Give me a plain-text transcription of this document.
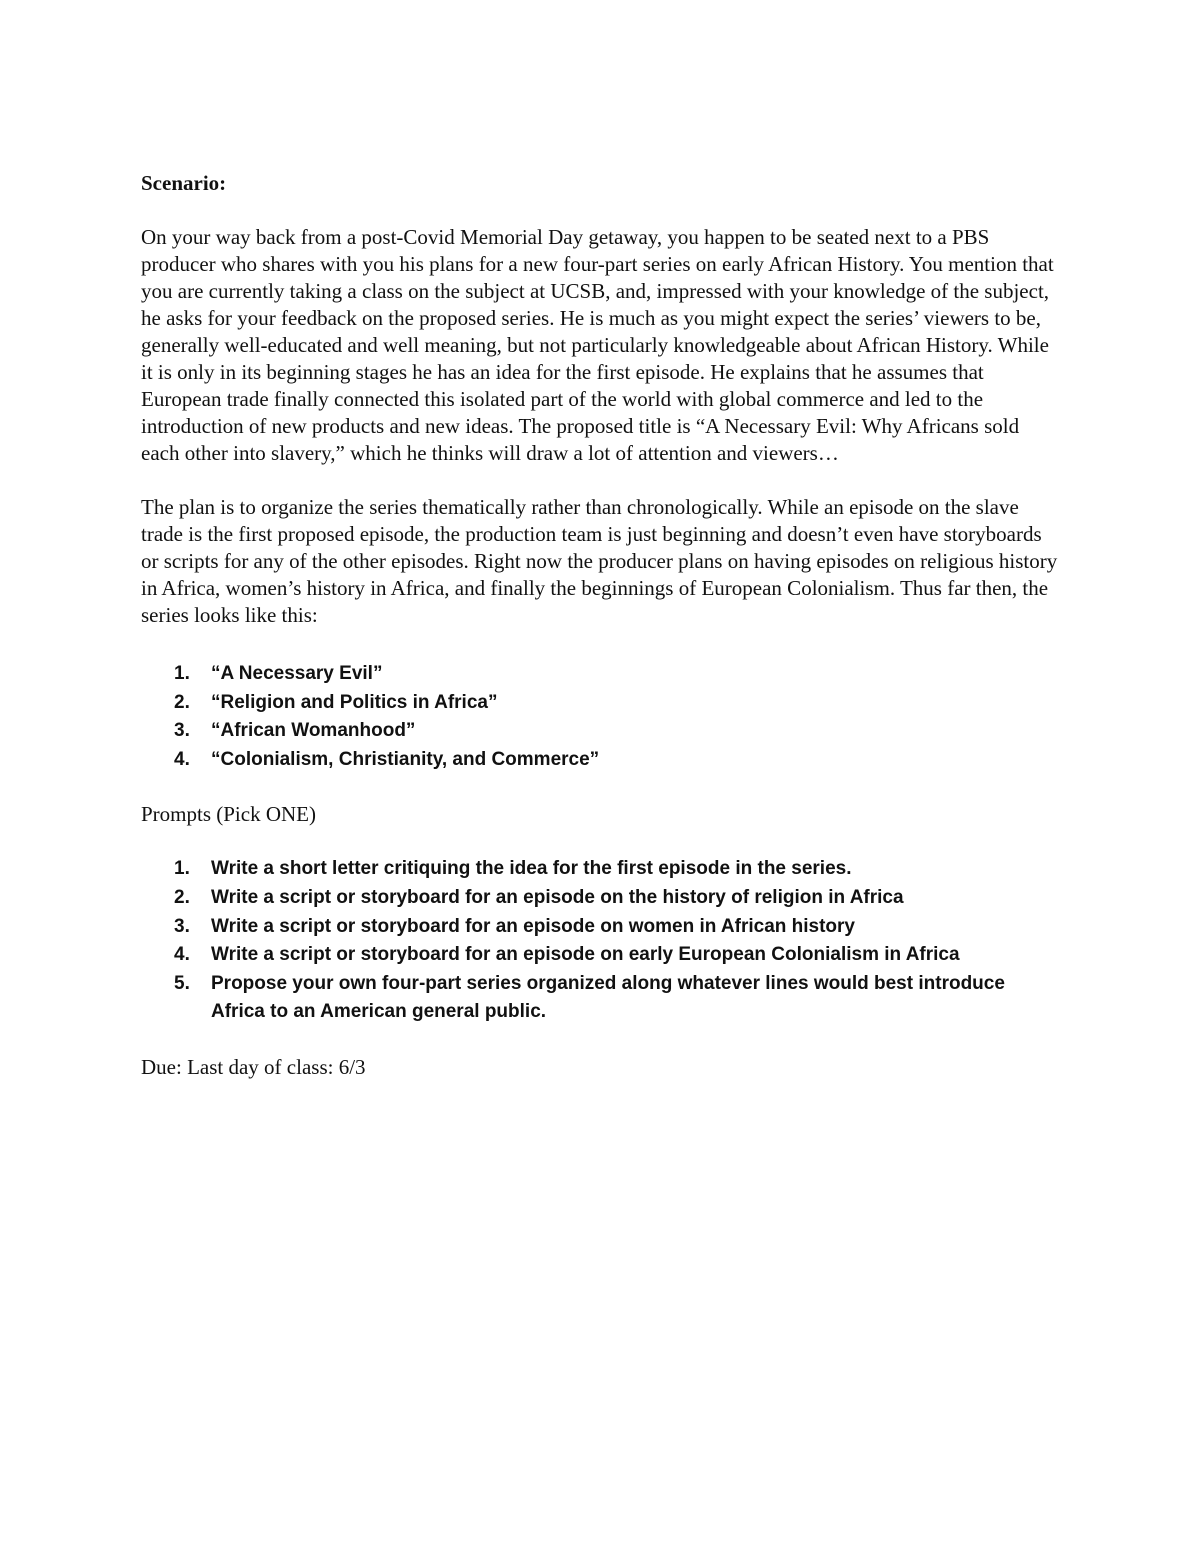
Scenario:

On your way back from a post-Covid Memorial Day getaway, you happen to be seated next to a PBS producer who shares with you his plans for a new four-part series on early African History. You mention that you are currently taking a class on the subject at UCSB, and, impressed with your knowledge of the subject, he asks for your feedback on the proposed series. He is much as you might expect the series’ viewers to be, generally well-educated and well meaning, but not particularly knowledgeable about African History. While it is only in its beginning stages he has an idea for the first episode. He explains that he assumes that European trade finally connected this isolated part of the world with global commerce and led to the introduction of new products and new ideas. The proposed title is “A Necessary Evil: Why Africans sold each other into slavery,” which he thinks will draw a lot of attention and viewers…

The plan is to organize the series thematically rather than chronologically. While an episode on the slave trade is the first proposed episode, the production team is just beginning and doesn’t even have storyboards or scripts for any of the other episodes. Right now the producer plans on having episodes on religious history in Africa, women’s history in Africa, and finally the beginnings of European Colonialism. Thus far then, the series looks like this:

1.	“A Necessary Evil”
2.	“Religion and Politics in Africa”
3.	“African Womanhood”
4.	“Colonialism, Christianity, and Commerce”

Prompts (Pick ONE)

1.	Write a short letter critiquing the idea for the first episode in the series.
2.	Write a script or storyboard for an episode on the history of religion in Africa
3.	Write a script or storyboard for an episode on women in African history
4.	Write a script or storyboard for an episode on early European Colonialism in Africa
5.	Propose your own four-part series organized along whatever lines would best introduce Africa to an American general public.

Due: Last day of class: 6/3
